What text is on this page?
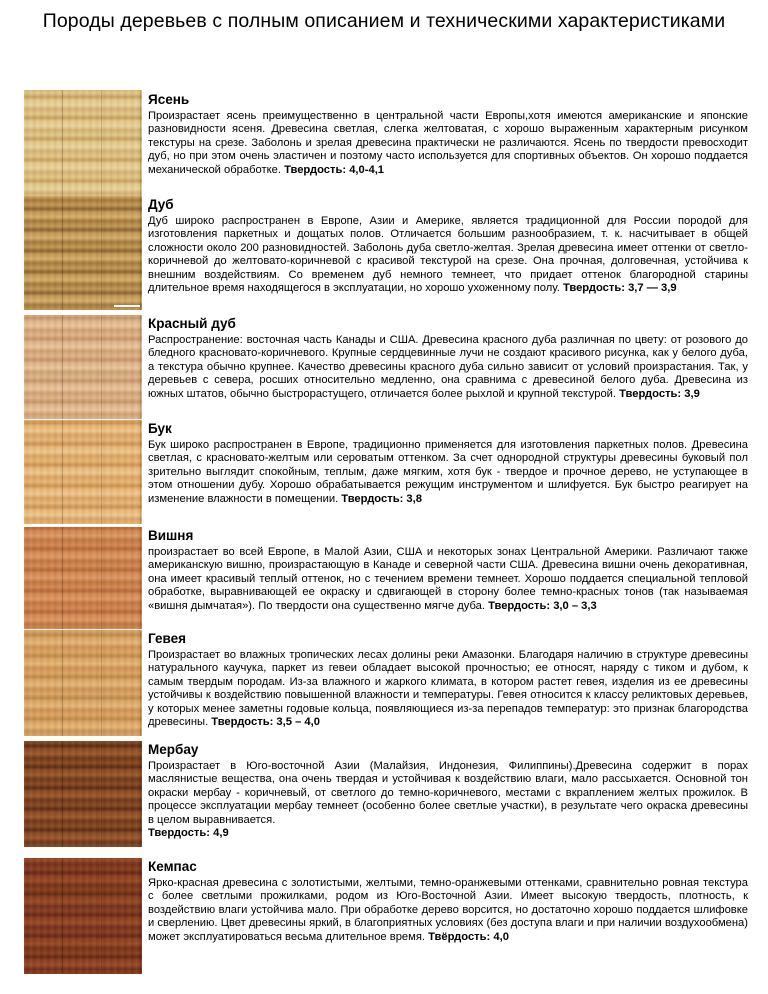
Породы деревьев с полным описанием и техническими характеристиками
Ясень

Произрастает ясень преимущественно в центральной части Европы,хотя имеются американские и японские разновидности ясеня. Древесина светлая, слегка желтоватая, с хорошо выраженным характерным рисунком текстуры на срезе. Заболонь и зрелая древесина практически не различаются. Ясень по твердости превосходит дуб, но при этом очень эластичен и поэтому часто используется для спортивных объектов. Он хорошо поддается механической обработке. Твердость: 4,0-4,1

Дуб

Дуб широко распространен в Европе, Азии и Америке, является традиционной для России породой для изготовления паркетных и дощатых полов. Отличается большим разнообразием, т. к. насчитывает в общей сложности около 200 разновидностей. Заболонь дуба светло-желтая. Зрелая древесина имеет оттенки от светло-коричневой до желтовато-коричневой с красивой текстурой на срезе. Она прочная, долговечная, устойчива к внешним воздействиям. Со временем дуб немного темнеет, что придает оттенок благородной старины длительное время находящегося в эксплуатации, но хорошо ухоженному полу. Твердость: 3,7 — 3,9

Красный дуб

Распространение: восточная часть Канады и США. Древесина красного дуба различная по цвету: от розового до бледного красновато-коричневого. Крупные сердцевинные лучи не создают красивого рисунка, как у белого дуба, а текстура обычно крупнее. Качество древесины красного дуба сильно зависит от условий произрастания. Так, у деревьев с севера, росших относительно медленно, она сравнима с древесиной белого дуба. Древесина из южных штатов, обычно быстрорастущего, отличается более рыхлой и крупной текстурой. Твердость: 3,9

Бук

Бук широко распространен в Европе, традиционно применяется для изготовления паркетных полов. Древесина светлая, с красновато-желтым или сероватым оттенком. За счет однородной структуры древесины буковый пол зрительно выглядит спокойным, теплым, даже мягким, хотя бук - твердое и прочное дерево, не уступающее в этом отношении дубу. Хорошо обрабатывается режущим инструментом и шлифуется. Бук быстро реагирует на изменение влажности в помещении. Твердость: 3,8

Вишня

произрастает во всей Европе, в Малой Азии, США и некоторых зонах Центральной Америки. Различают также американскую вишню, произрастающую в Канаде и северной части США. Древесина вишни очень декоративная, она имеет красивый теплый оттенок, но с течением времени темнеет. Хорошо поддается специальной тепловой обработке, выравнивающей ее окраску и сдвигающей в сторону более темно-красных тонов (так называемая «вишня дымчатая»). По твердости она существенно мягче дуба. Твердость: 3,0 – 3,3

Гевея

Произрастает во влажных тропических лесах долины реки Амазонки. Благодаря наличию в структуре древесины натурального каучука, паркет из гевеи обладает высокой прочностью; ее относят, наряду с тиком и дубом, к самым твердым породам. Из-за влажного и жаркого климата, в котором растет гевея, изделия из ее древесины устойчивы к воздействию повышенной влажности и температуры. Гевея относится к классу реликтовых деревьев, у которых менее заметны годовые кольца, появляющиеся из-за перепадов температур: это признак благородства древесины. Твердость: 3,5 – 4,0

Мербау

Произрастает в Юго-восточной Азии (Малайзия, Индонезия, Филиппины).Древесина содержит в порах маслянистые вещества, она очень твердая и устойчивая к воздействию влаги, мало рассыхается. Основной тон окраски мербау - коричневый, от светлого до темно-коричневого, местами с вкраплением желтых прожилок. В процессе эксплуатации мербау темнеет (особенно более светлые участки), в результате чего окраска древесины в целом выравнивается.
Твердость: 4,9

Кемпас

Ярко-красная древесина с золотистыми, желтыми, темно-оранжевыми оттенками, сравнительно ровная текстура с более светлыми прожилками, родом из Юго-Восточной Азии. Имеет высокую твердость, плотность, к воздействию влаги устойчива мало. При обработке дерево ворсится, но достаточно хорошо поддается шлифовке и сверлению. Цвет древесины яркий, в благоприятных условиях (без доступа влаги и при наличии воздухообмена) может эксплуатироваться весьма длительное время. Твёрдость: 4,0
